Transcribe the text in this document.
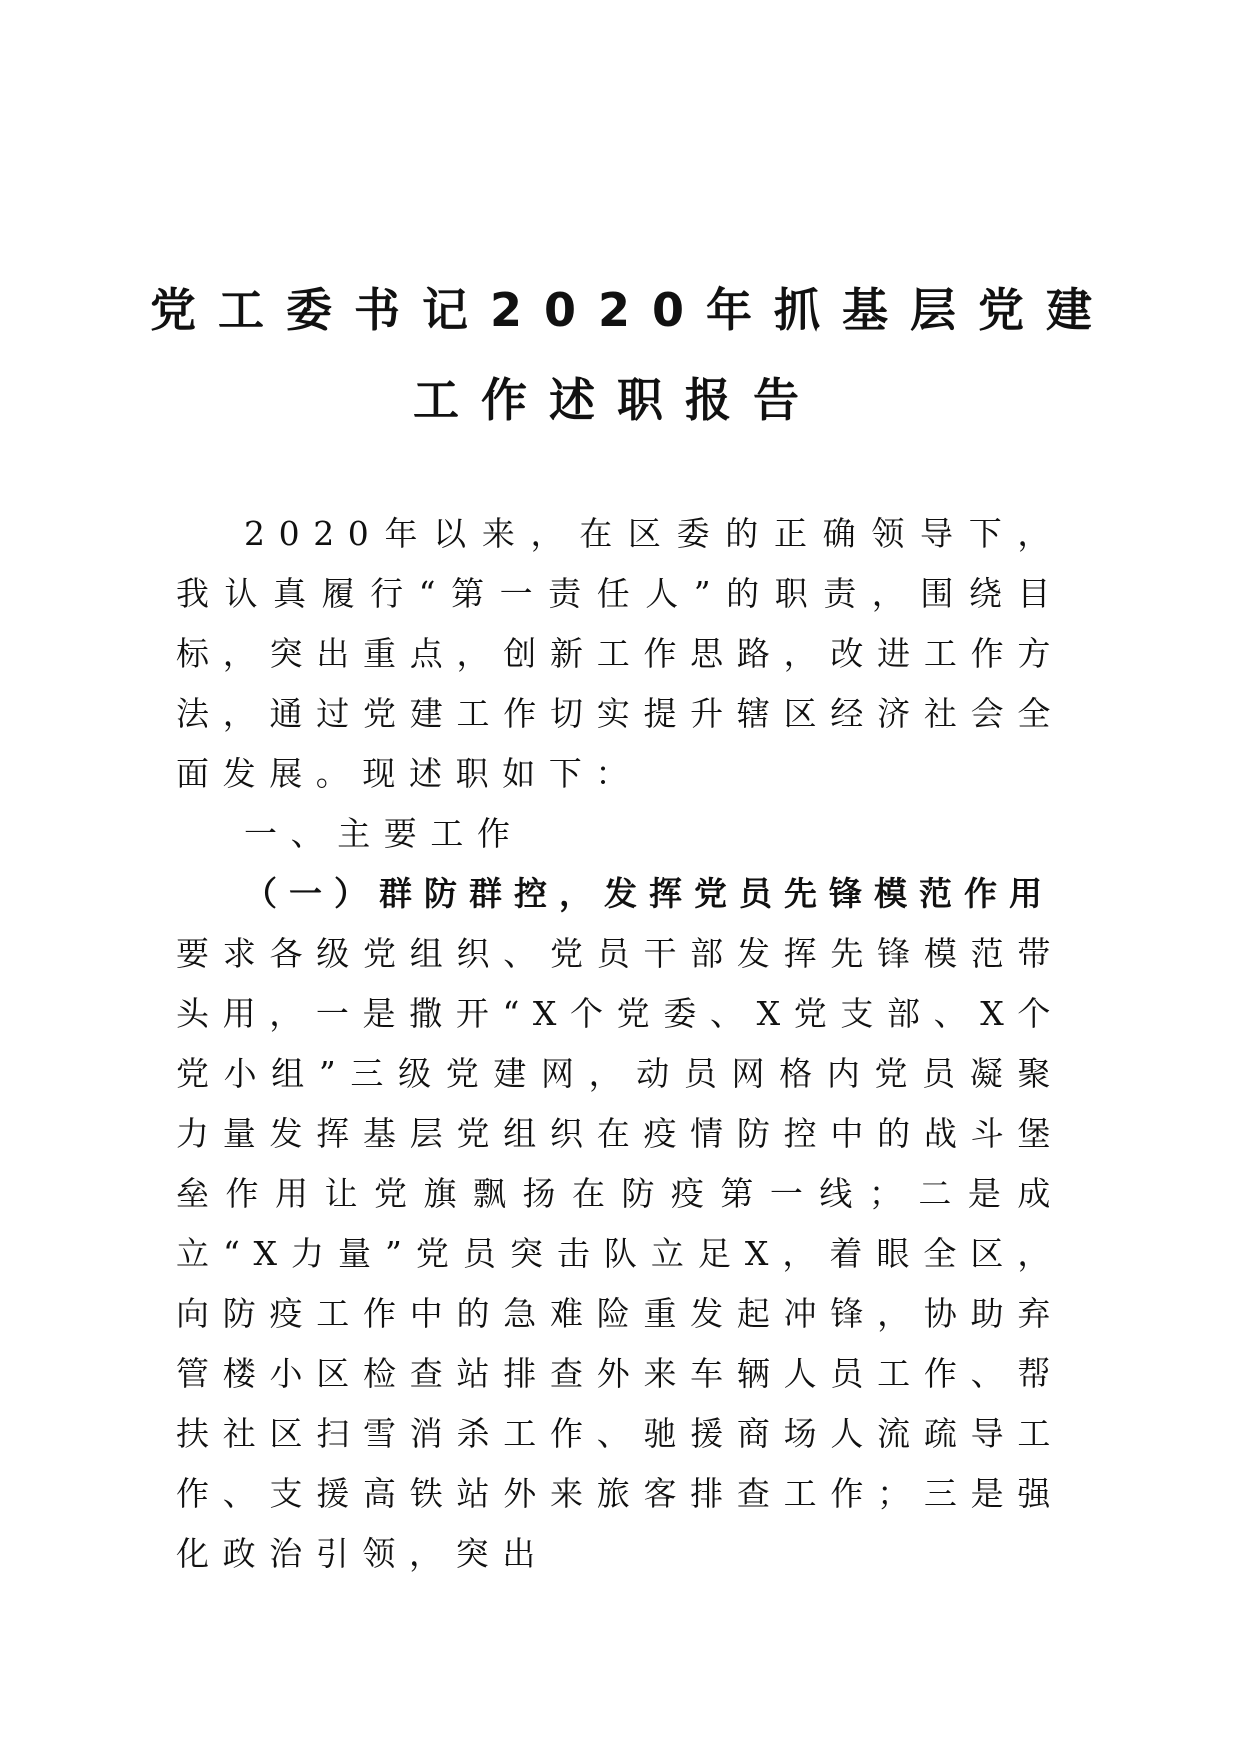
党工委书记2020年抓基层党建
工作述职报告

2020年以来，在区委的正确领导下，我认真履行“第一责任人”的职责，围绕目标，突出重点，创新工作思路，改进工作方法，通过党建工作切实提升辖区经济社会全面发展。现述职如下：

一、主要工作

（一）群防群控，发挥党员先锋模范作用

要求各级党组织、党员干部发挥先锋模范带头用，一是撒开“X个党委、X党支部、X个党小组”三级党建网，动员网格内党员凝聚力量发挥基层党组织在疫情防控中的战斗堡垒作用让党旗飘扬在防疫第一线；二是成立“X力量”党员突击队立足X，着眼全区，向防疫工作中的急难险重发起冲锋，协助弃管楼小区检查站排查外来车辆人员工作、帮扶社区扫雪消杀工作、驰援商场人流疏导工作、支援高铁站外来旅客排查工作；三是强化政治引领，突出
